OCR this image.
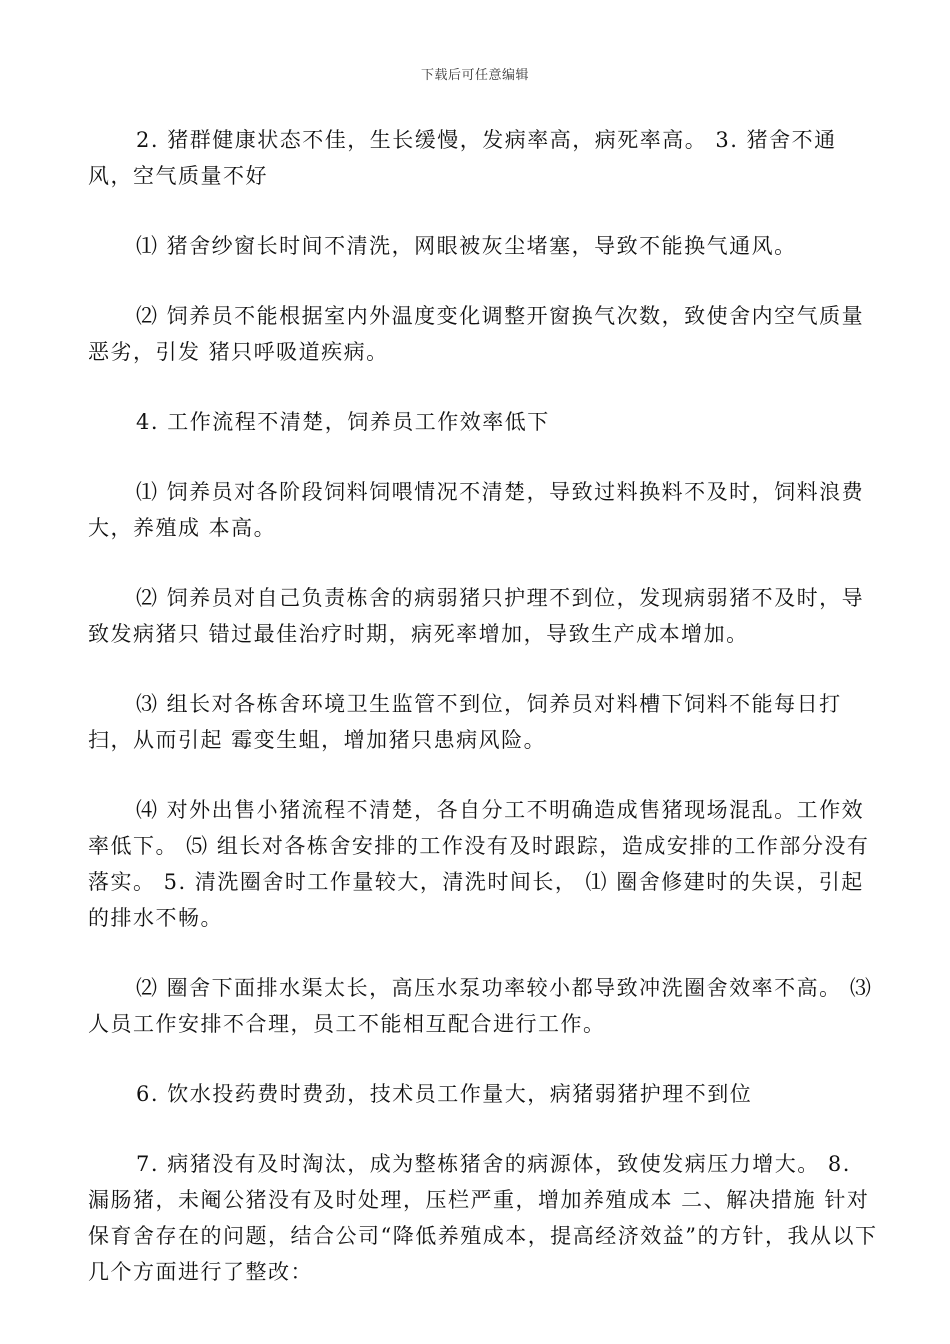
下载后可任意编辑

2. 猪群健康状态不佳，生长缓慢，发病率高，病死率高。 3. 猪舍不通风，空气质量不好

⑴ 猪舍纱窗长时间不清洗，网眼被灰尘堵塞，导致不能换气通风。

⑵ 饲养员不能根据室内外温度变化调整开窗换气次数，致使舍内空气质量恶劣，引发 猪只呼吸道疾病。

4. 工作流程不清楚，饲养员工作效率低下

⑴ 饲养员对各阶段饲料饲喂情况不清楚，导致过料换料不及时，饲料浪费大，养殖成 本高。

⑵ 饲养员对自己负责栋舍的病弱猪只护理不到位，发现病弱猪不及时，导致发病猪只 错过最佳治疗时期，病死率增加，导致生产成本增加。

⑶ 组长对各栋舍环境卫生监管不到位，饲养员对料槽下饲料不能每日打扫，从而引起 霉变生蛆，增加猪只患病风险。

⑷ 对外出售小猪流程不清楚，各自分工不明确造成售猪现场混乱。工作效率低下。 ⑸ 组长对各栋舍安排的工作没有及时跟踪，造成安排的工作部分没有落实。 5. 清洗圈舍时工作量较大，清洗时间长， ⑴ 圈舍修建时的失误，引起的排水不畅。

⑵ 圈舍下面排水渠太长，高压水泵功率较小都导致冲洗圈舍效率不高。 ⑶ 人员工作安排不合理，员工不能相互配合进行工作。

6. 饮水投药费时费劲，技术员工作量大，病猪弱猪护理不到位

7. 病猪没有及时淘汰，成为整栋猪舍的病源体，致使发病压力增大。 8. 漏肠猪，未阉公猪没有及时处理，压栏严重，增加养殖成本 二、解决措施 针对保育舍存在的问题，结合公司“降低养殖成本，提高经济效益”的方针，我从以下几个方面进行了整改：
